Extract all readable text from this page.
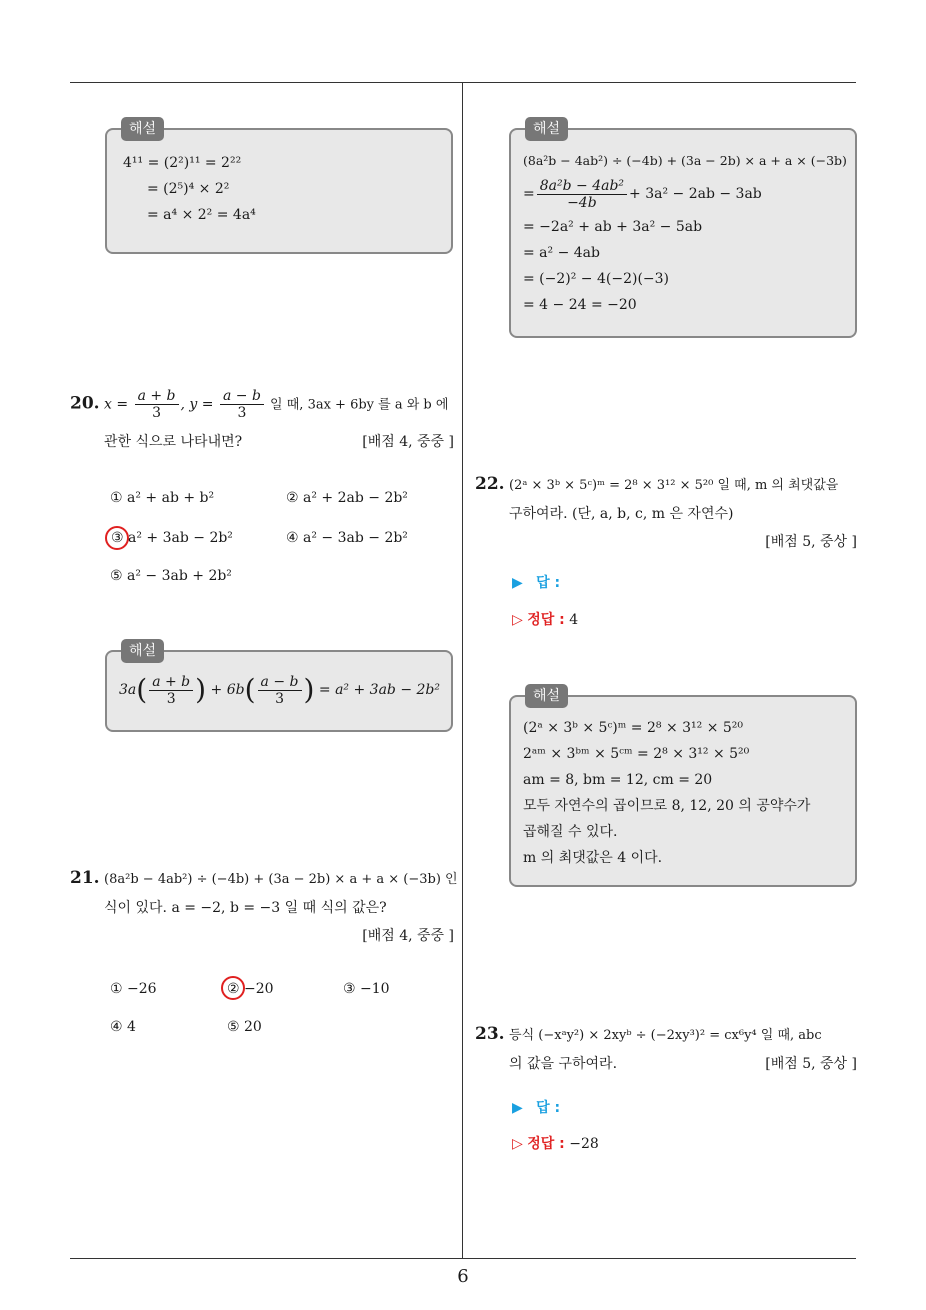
해설
4¹¹ = (2²)¹¹ = 2²²
= (2⁵)⁴ × 2²
= a⁴ × 2² = 4a⁴
20. $x = \frac{a + b}{3}$ , $y = \frac{a - b}{3}$ 일 때, 3ax + 6by 를 a 와 b 에
관한 식으로 나타내면?	[배점 4, 중중 ]
① a² + ab + b²	② a² + 2ab − 2b²
③ a² + 3ab − 2b²	④ a² − 3ab − 2b²
⑤ a² − 3ab + 2b²
해설
$3a( \frac{a + b}{3}$ ) + $6b( \frac{a - b}{3}$ ) = a² + 3ab − 2b²
21. (8a²b − 4ab²) ÷ (−4b) + (3a − 2b) × a + a × (−3b) 인
식이 있다. a = −2, b = −3 일 때 식의 값은?
[배점 4, 중중 ]
① −26	② −20	③ −10
④ 4	⑤ 20
해설
(8a²b − 4ab²) ÷ (−4b) + (3a − 2b) × a + a × (−3b)
= $\frac{\text{8a²b − 4ab²}}{-4b} + 3a^2 - 2ab - 3ab$
= −2a² + ab + 3a² − 5ab
= a² − 4ab
= (−2)² − 4(−2)(−3)
= 4 − 24 = −20
22. (2ᵃ × 3ᵇ × 5ᶜ)ᵐ = 2⁸ × 3¹² × 5²⁰ 일 때, m 의 최댓값을
구하여라. (단, a, b, c, m 은 자연수)
[배점 5, 중상 ]
▶ 답 :
▷ 정답 : 4
해설
(2ᵃ × 3ᵇ × 5ᶜ)ᵐ = 2⁸ × 3¹² × 5²⁰
2ᵃᵐ × 3ᵇᵐ × 5ᶜᵐ = 2⁸ × 3¹² × 5²⁰
am = 8, bm = 12, cm = 20
모두 자연수의 곱이므로 8, 12, 20 의 공약수가
곱해질 수 있다.
m 의 최댓값은 4 이다.
23. 등식 (−xᵃy²) × 2xyᵇ ÷ (−2xy³)² = cx⁶y⁴ 일 때, abc
의 값을 구하여라.	[배점 5, 중상 ]
▶ 답 :
▷ 정답 : −28
6
